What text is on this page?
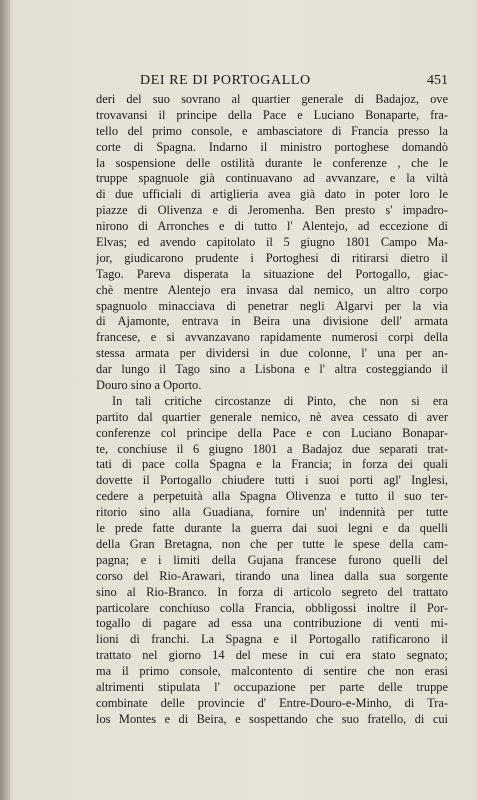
DEI RE DI PORTOGALLO	451
deri del suo sovrano al quartier generale di Badajoz, ove
trovavansi il principe della Pace e Luciano Bonaparte, fra-
tello del primo console, e ambasciatore di Francia presso la
corte di Spagna. Indarno il ministro portoghese domandò
la sospensione delle ostilità durante le conferenze , che le
truppe spagnuole già continuavano ad avvanzare, e la viltà
di due ufficiali di artiglieria avea già dato in poter loro le
piazze di Olivenza e di Jeromenha. Ben presto s' impadro-
nirono di Arronches e di tutto l' Alentejo, ad eccezione di
Elvas; ed avendo capitolato il 5 giugno 1801 Campo Ma-
jor, giudicarono prudente i Portoghesi di ritirarsi dietro il
Tago. Pareva disperata la situazione del Portogallo, giac-
chè mentre Alentejo era invasa dal nemico, un altro corpo
spagnuolo minacciava di penetrar negli Algarvi per la via
di Ajamonte, entrava in Beira una divisione dell' armata
francese, e si avvanzavano rapidamente numerosi corpi della
stessa armata per dividersi in due colonne, l' una per an-
dar lungo il Tago sino a Lisbona e l' altra costeggiando il
Douro sino a Oporto.
In tali critiche circostanze di Pinto, che non si era
partito dal quartier generale nemico, nè avea cessato di aver
conferenze col principe della Pace e con Luciano Bonapar-
te, conchiuse il 6 giugno 1801 a Badajoz due separati trat-
tati di pace colla Spagna e la Francia; in forza dei quali
dovette il Portogallo chiudere tutti i suoi porti agl' Inglesi,
cedere a perpetuità alla Spagna Olivenza e tutto il suo ter-
ritorio sino alla Guadiana, fornire un' indennità per tutte
le prede fatte durante la guerra dai suoi legni e da quelli
della Gran Bretagna, non che per tutte le spese della cam-
pagna; e i limiti della Gujana francese furono quelli del
corso del Rio-Arawari, tirando una linea dalla sua sorgente
sino al Rio-Branco. In forza di articolo segreto del trattato
particolare conchiuso colla Francia, obbligossi inoltre il Por-
togallo di pagare ad essa una contribuzione di venti mi-
lioni di franchi. La Spagna e il Portogallo ratificarono il
trattato nel giorno 14 del mese in cui era stato segnato;
ma il primo console, malcontento di sentire che non erasi
altrimenti stipulata l' occupazione per parte delle truppe
combinate delle provincie d' Entre-Douro-e-Minho, di Tra-
los Montes e di Beira, e sospettando che suo fratello, di cui
